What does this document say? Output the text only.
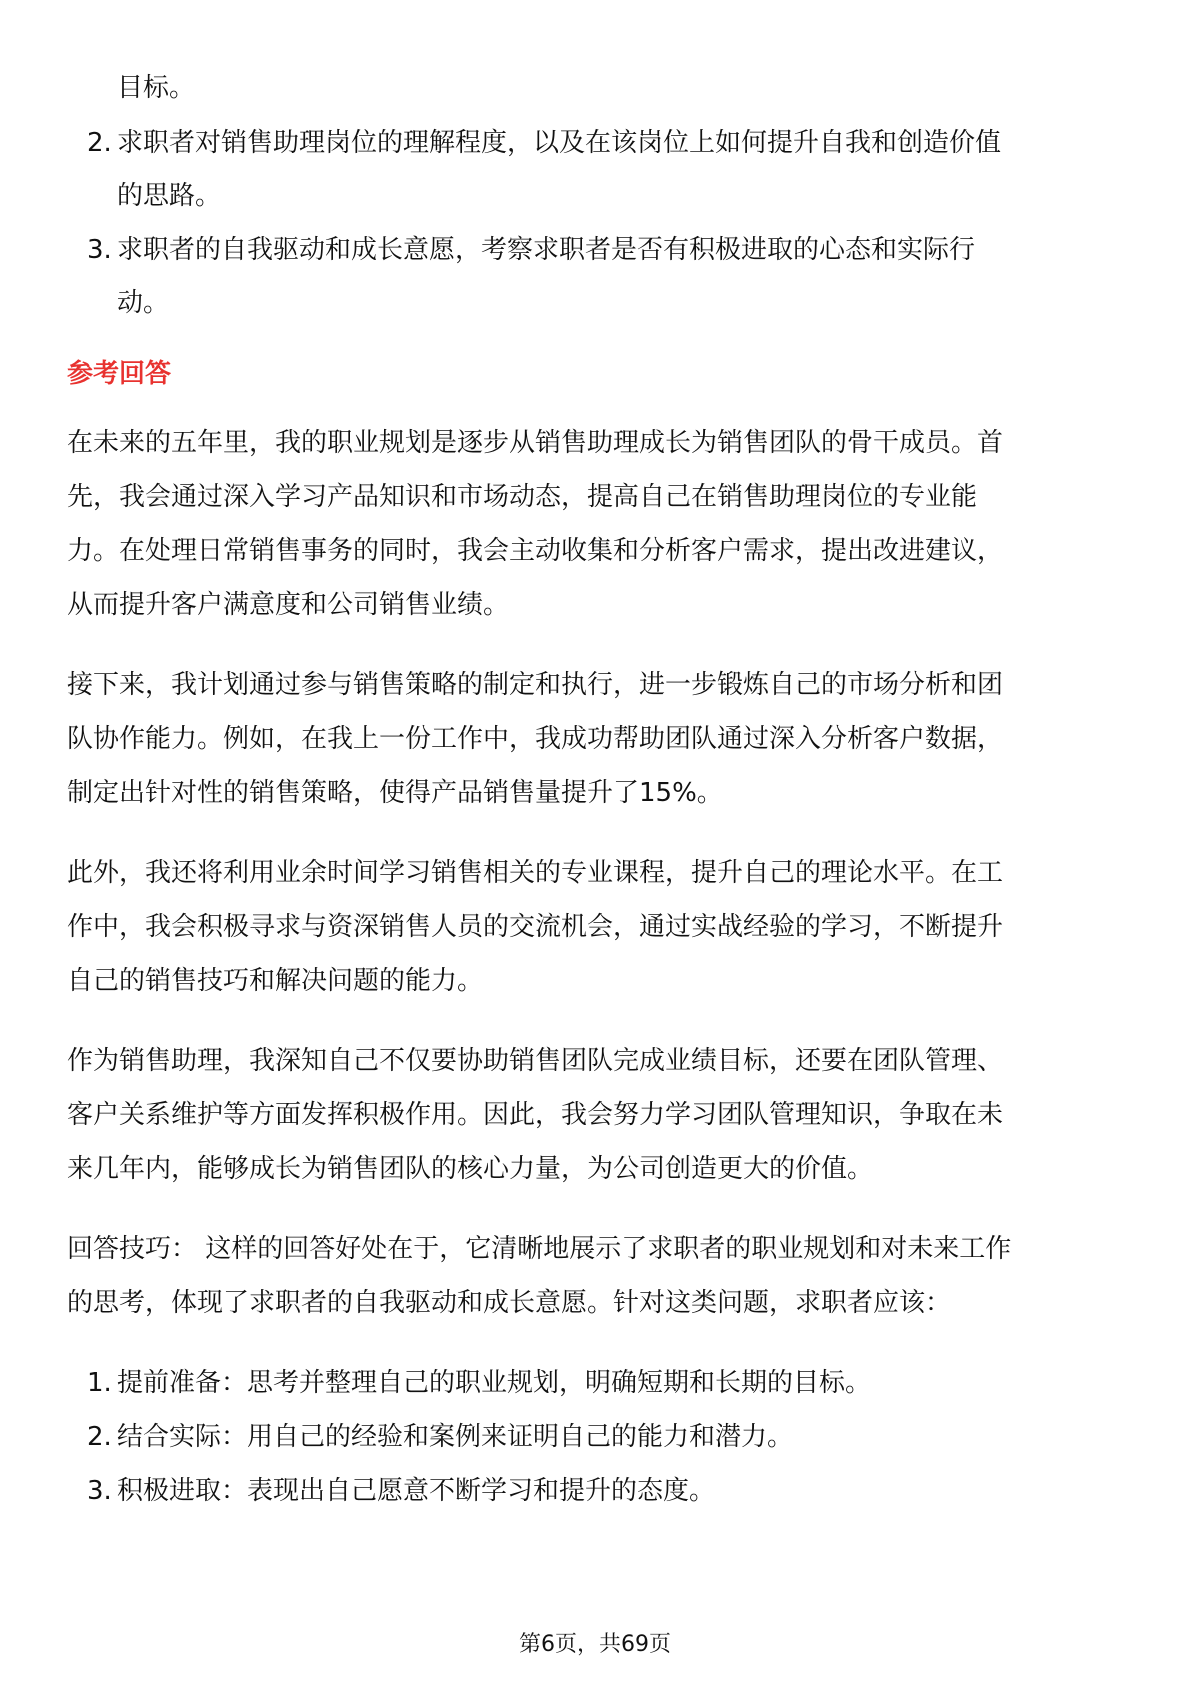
目标。
2. 求职者对销售助理岗位的理解程度，以及在该岗位上如何提升自我和创造价值
的思路。
3. 求职者的自我驱动和成长意愿，考察求职者是否有积极进取的心态和实际行
动。
参考回答
在未来的五年里，我的职业规划是逐步从销售助理成长为销售团队的骨干成员。首
先，我会通过深入学习产品知识和市场动态，提高自己在销售助理岗位的专业能
力。在处理日常销售事务的同时，我会主动收集和分析客户需求，提出改进建议，
从而提升客户满意度和公司销售业绩。
接下来，我计划通过参与销售策略的制定和执行，进一步锻炼自己的市场分析和团
队协作能力。例如，在我上一份工作中，我成功帮助团队通过深入分析客户数据，
制定出针对性的销售策略，使得产品销售量提升了15%。
此外，我还将利用业余时间学习销售相关的专业课程，提升自己的理论水平。在工
作中，我会积极寻求与资深销售人员的交流机会，通过实战经验的学习，不断提升
自己的销售技巧和解决问题的能力。
作为销售助理，我深知自己不仅要协助销售团队完成业绩目标，还要在团队管理、
客户关系维护等方面发挥积极作用。因此，我会努力学习团队管理知识，争取在未
来几年内，能够成长为销售团队的核心力量，为公司创造更大的价值。
回答技巧： 这样的回答好处在于，它清晰地展示了求职者的职业规划和对未来工作
的思考，体现了求职者的自我驱动和成长意愿。针对这类问题，求职者应该：
1. 提前准备：思考并整理自己的职业规划，明确短期和长期的目标。
2. 结合实际：用自己的经验和案例来证明自己的能力和潜力。
3. 积极进取：表现出自己愿意不断学习和提升的态度。
第6页，共69页
